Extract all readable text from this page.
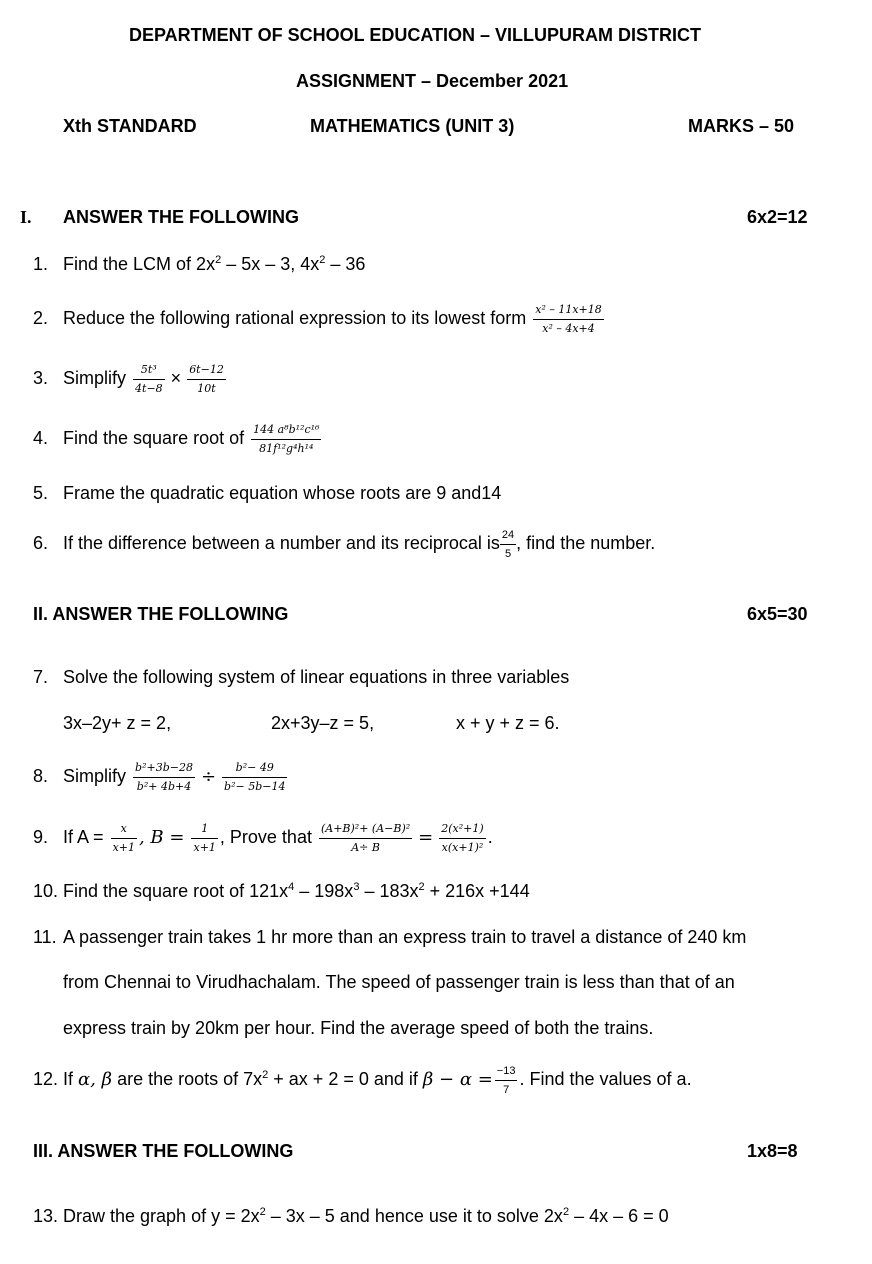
DEPARTMENT OF SCHOOL EDUCATION – VILLUPURAM DISTRICT
ASSIGNMENT – December 2021
Xth STANDARD	MATHEMATICS (UNIT 3)	MARKS – 50
I. ANSWER THE FOLLOWING	6x2=12
1. Find the LCM of $2x^2 - 5x - 3$, $4x^2 - 36$
2. Reduce the following rational expression to its lowest form $\frac{\text{x² – 11x+18}}{\text{x² – 4x+4}}$
3. Simplify $\frac{\text{5t³}}{4t-8} \times \frac{6t-12}{10t}$
4. Find the square root of $\frac{\text{144 a⁸b¹²c¹⁶}}{\text{81f¹²g⁴h¹⁴}}$
5. Frame the quadratic equation whose roots are 9 and14
6. If the difference between a number and its reciprocal is $\frac{24}{5}$ , find the number.
II. ANSWER THE FOLLOWING	6x5=30
7. Solve the following system of linear equations in three variables
3x–2y+ z = 2,	2x+3y–z = 5,	x + y + z = 6.
8. Simplify $\frac{\text{b²+3b−28}}{\text{b²+ 4b+4}} \div \frac{\text{b²− 49}}{\text{b²− 5b−14}}$
9. If $A = \frac{x}{x+1}$ , $B = \frac{1}{x+1}$ , Prove that $\frac{\text{(A+B)²+ (A−B)²}}{A\div B} = \frac{\text{2(x²+1)}}{\text{x(x+1)²}}$ .
10. Find the square root of $121x^4 - 198x^3 - 183x^2 + 216x +144$
11. A passenger train takes 1 hr more than an express train to travel a distance of 240 km
from Chennai to Virudhachalam. The speed of passenger train is less than that of an
express train by 20km per hour. Find the average speed of both the trains.
12. If α, β are the roots of $7x^2$ + ax + 2 = 0 and if $\beta - \alpha = \frac{-13}{7}$ . Find the values of a.
III. ANSWER THE FOLLOWING	1x8=8
13. Draw the graph of $y = 2x^2 - 3x - 5$ and hence use it to solve $2x^2 - 4x - 6 = 0$
